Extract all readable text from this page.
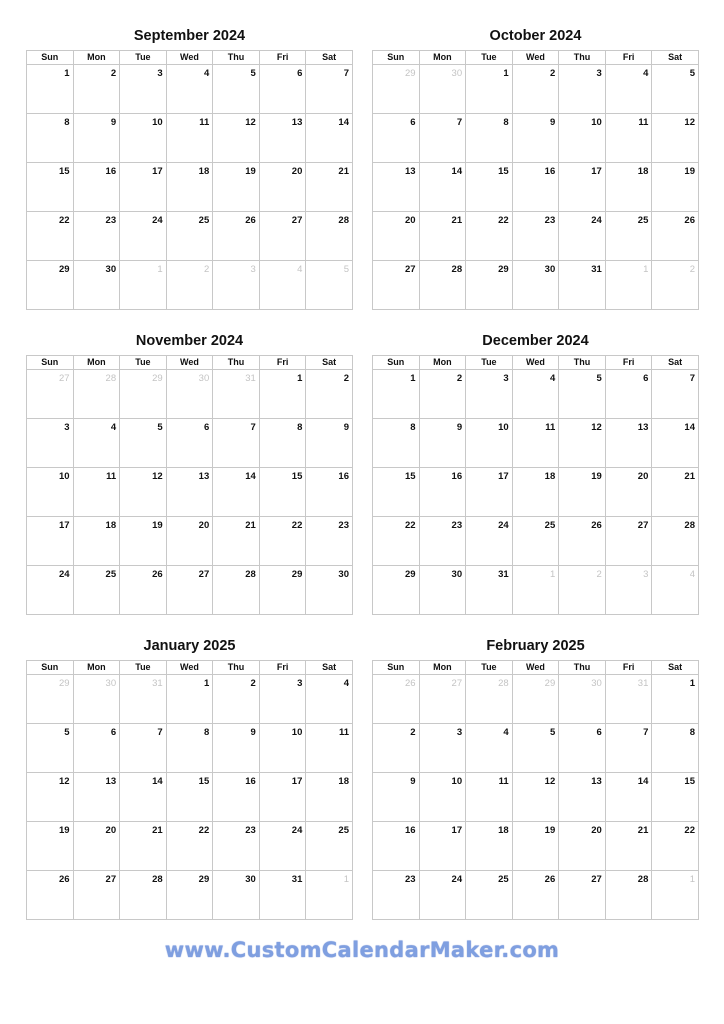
September 2024
Sun	Mon	Tue	Wed	Thu	Fri	Sat
1	2	3	4	5	6	7
8	9	10	11	12	13	14
15	16	17	18	19	20	21
22	23	24	25	26	27	28
29	30	1	2	3	4	5
October 2024
Sun	Mon	Tue	Wed	Thu	Fri	Sat
29	30	1	2	3	4	5
6	7	8	9	10	11	12
13	14	15	16	17	18	19
20	21	22	23	24	25	26
27	28	29	30	31	1	2
November 2024
Sun	Mon	Tue	Wed	Thu	Fri	Sat
27	28	29	30	31	1	2
3	4	5	6	7	8	9
10	11	12	13	14	15	16
17	18	19	20	21	22	23
24	25	26	27	28	29	30
December 2024
Sun	Mon	Tue	Wed	Thu	Fri	Sat
1	2	3	4	5	6	7
8	9	10	11	12	13	14
15	16	17	18	19	20	21
22	23	24	25	26	27	28
29	30	31	1	2	3	4
January 2025
Sun	Mon	Tue	Wed	Thu	Fri	Sat
29	30	31	1	2	3	4
5	6	7	8	9	10	11
12	13	14	15	16	17	18
19	20	21	22	23	24	25
26	27	28	29	30	31	1
February 2025
Sun	Mon	Tue	Wed	Thu	Fri	Sat
26	27	28	29	30	31	1
2	3	4	5	6	7	8
9	10	11	12	13	14	15
16	17	18	19	20	21	22
23	24	25	26	27	28	1
www.CustomCalendarMaker.com
